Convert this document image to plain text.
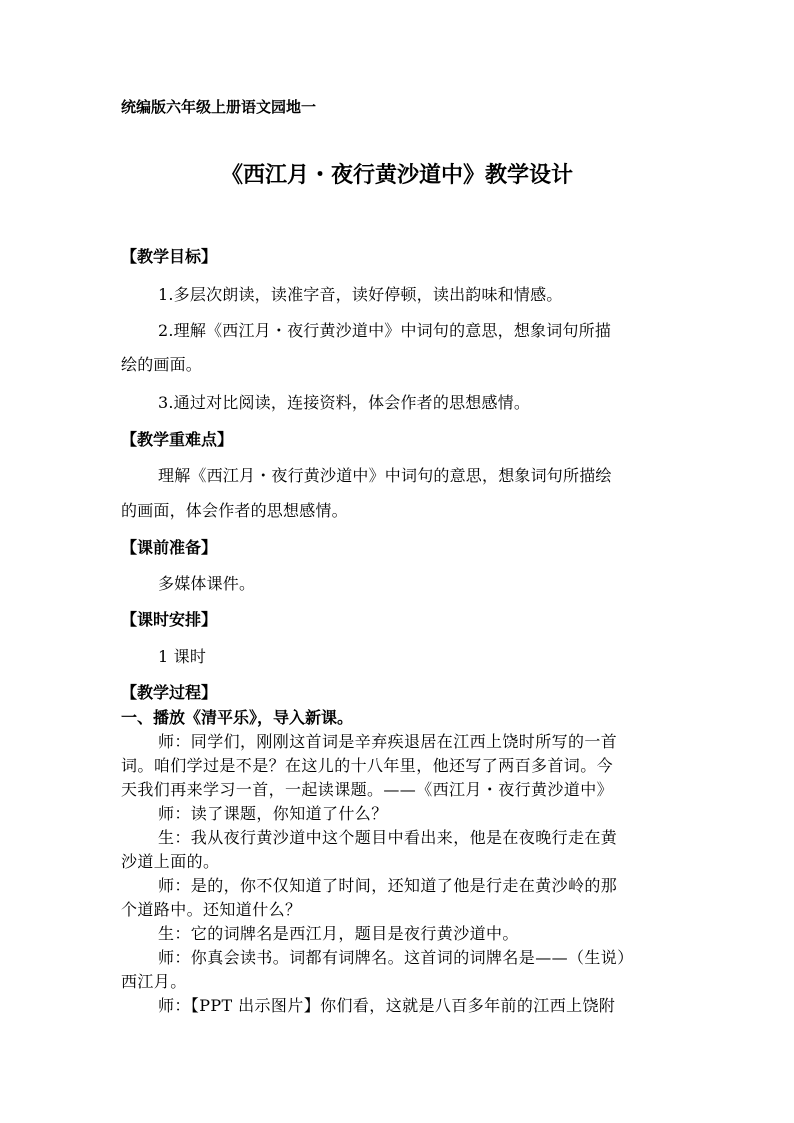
统编版六年级上册语文园地一
《西江月・夜行黄沙道中》教学设计
【教学目标】
1.多层次朗读，读准字音，读好停顿，读出韵味和情感。
2.理解《西江月・夜行黄沙道中》中词句的意思，想象词句所描
绘的画面。
3.通过对比阅读，连接资料，体会作者的思想感情。
【教学重难点】
理解《西江月・夜行黄沙道中》中词句的意思，想象词句所描绘
的画面，体会作者的思想感情。
【课前准备】
多媒体课件。
【课时安排】
1 课时
【教学过程】
一、播放《清平乐》，导入新课。
师：同学们，刚刚这首词是辛弃疾退居在江西上饶时所写的一首
词。咱们学过是不是？在这儿的十八年里，他还写了两百多首词。今
天我们再来学习一首，一起读课题。——《西江月・夜行黄沙道中》
师：读了课题，你知道了什么？
生：我从夜行黄沙道中这个题目中看出来，他是在夜晚行走在黄
沙道上面的。
师：是的，你不仅知道了时间，还知道了他是行走在黄沙岭的那
个道路中。还知道什么？
生：它的词牌名是西江月，题目是夜行黄沙道中。
师：你真会读书。词都有词牌名。这首词的词牌名是——（生说）
西江月。
师：【PPT 出示图片】你们看，这就是八百多年前的江西上饶附
